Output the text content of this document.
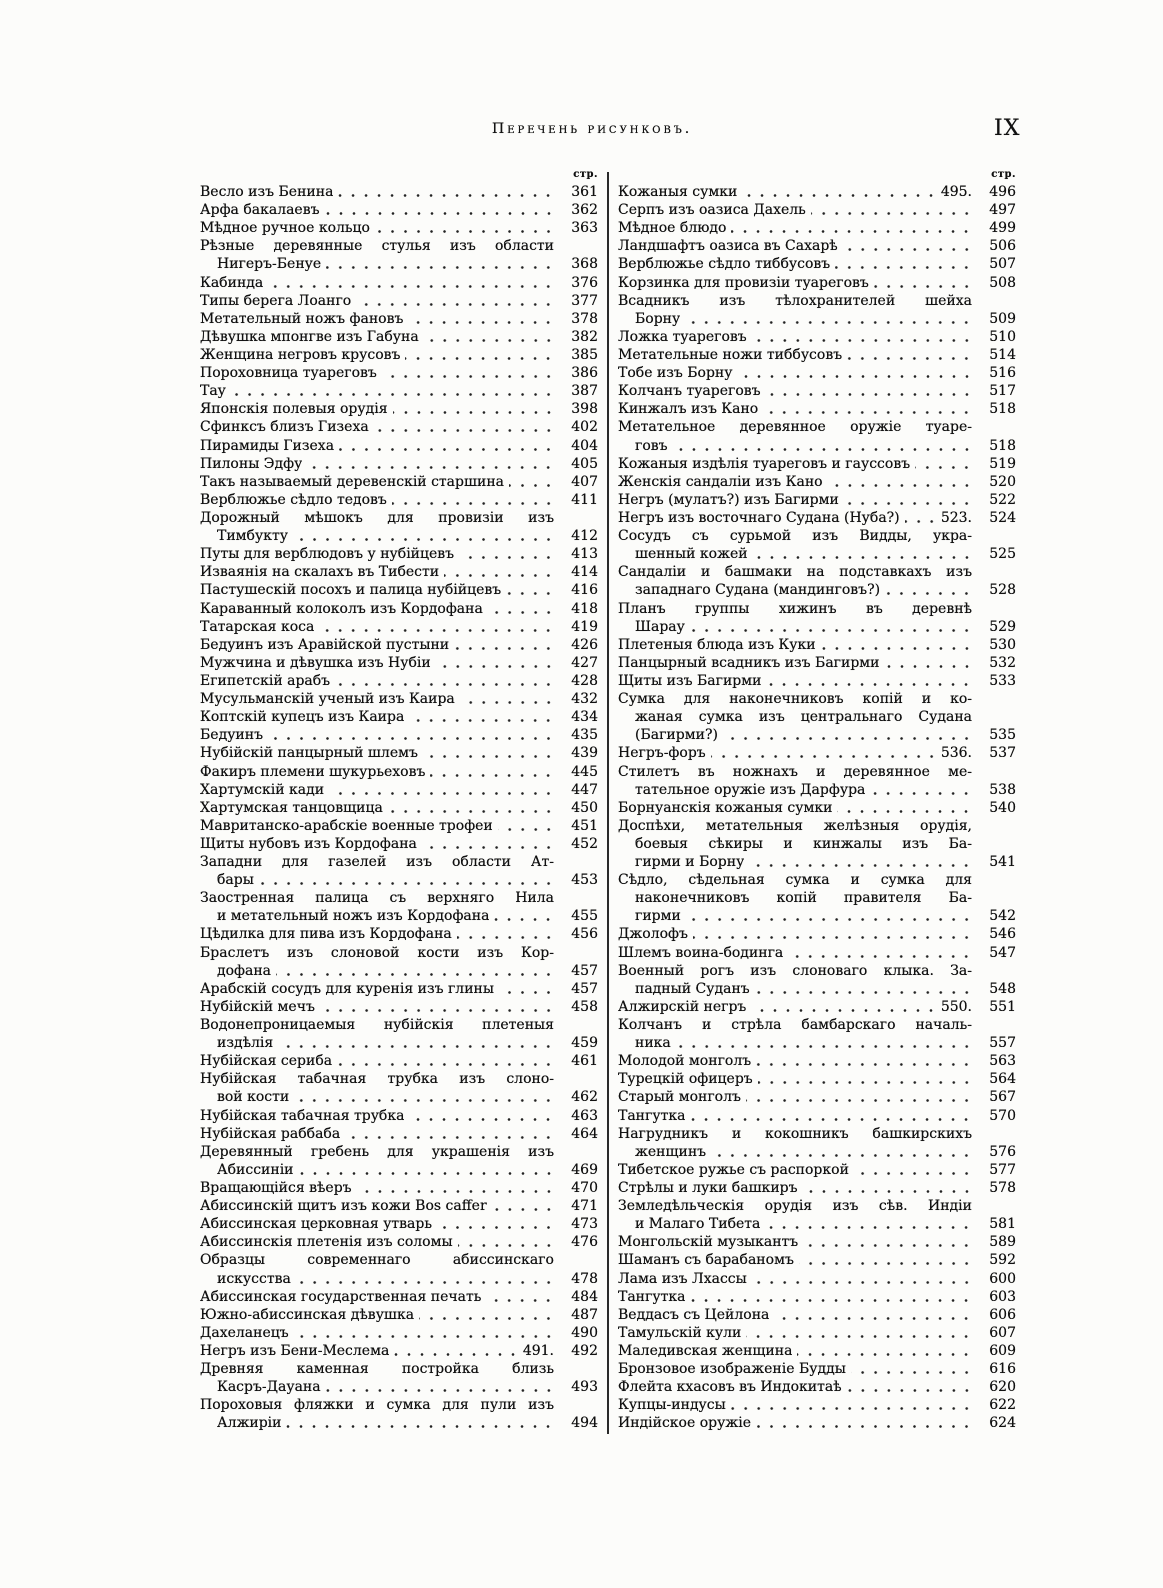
Перечень рисунковъ.	IX
стр.
Весло изъ Бенина	361
Арфа бакалаевъ	362
Мѣдное ручное кольцо	363
Рѣзные деревянные стулья изъ области
Нигеръ-Бенуе	368
Кабинда	376
Типы берега Лоанго	377
Метательный ножъ фановъ	378
Дѣвушка мпонгве изъ Габуна	382
Женщина негровъ крусовъ	385
Пороховница туареговъ	386
Тау	387
Японскія полевыя орудія	398
Сфинксъ близъ Гизеха	402
Пирамиды Гизеха	404
Пилоны Эдфу	405
Такъ называемый деревенскій старшина	407
Верблюжье сѣдло тедовъ	411
Дорожный мѣшокъ для провизіи изъ
Тимбукту	412
Путы для верблюдовъ у нубійцевъ	413
Изваянія на скалахъ въ Тибести	414
Пастушескій посохъ и палица нубійцевъ	416
Караванный колоколъ изъ Кордофана	418
Татарская коса	419
Бедуинъ изъ Аравійской пустыни	426
Мужчина и дѣвушка изъ Нубіи	427
Египетскій арабъ	428
Мусульманскій ученый изъ Каира	432
Коптскій купецъ изъ Каира	434
Бедуинъ	435
Нубійскій панцырный шлемъ	439
Факиръ племени шукурьеховъ	445
Хартумскій кади	447
Хартумская танцовщица	450
Мавританско-арабскіе военные трофеи	451
Щиты нубовъ изъ Кордофана	452
Западни для газелей изъ области Ат-
бары	453
Заостренная палица съ верхняго Нила
и метательный ножъ изъ Кордофана	455
Цѣдилка для пива изъ Кордофана	456
Браслетъ изъ слоновой кости изъ Кор-
дофана	457
Арабскій сосудъ для куренія изъ глины	457
Нубійскій мечъ	458
Водонепроницаемыя нубійскія плетеныя
издѣлія	459
Нубійская сериба	461
Нубійская табачная трубка изъ слоно-
вой кости	462
Нубійская табачная трубка	463
Нубійская раббаба	464
Деревянный гребень для украшенія изъ
Абиссиніи	469
Вращающійся вѣеръ	470
Абиссинскій щитъ изъ кожи Bos caffer	471
Абиссинская церковная утварь	473
Абиссинскія плетенія изъ соломы	476
Образцы современнаго абиссинскаго
искусства	478
Абиссинская государственная печать	484
Южно-абиссинская дѣвушка	487
Дахеланецъ	490
Негръ изъ Бени-Меслема	491.	492
Древняя каменная постройка близь
Касръ-Дауана	493
Пороховыя фляжки и сумка для пули изъ
Алжиріи	494
стр.
Кожаныя сумки	495.	496
Серпъ изъ оазиса Дахель	497
Мѣдное блюдо	499
Ландшафтъ оазиса въ Сахарѣ	506
Верблюжье сѣдло тиббусовъ	507
Корзинка для провизіи туареговъ	508
Всадникъ изъ тѣлохранителей шейха
Борну	509
Ложка туареговъ	510
Метательные ножи тиббусовъ	514
Тобе изъ Борну	516
Колчанъ туареговъ	517
Кинжалъ изъ Кано	518
Метательное деревянное оружіе туаре-
говъ	518
Кожаныя издѣлія туареговъ и гауссовъ	519
Женскія сандаліи изъ Кано	520
Негръ (мулатъ?) изъ Багирми	522
Негръ изъ восточнаго Судана (Нуба?)	523.	524
Сосудъ съ сурьмой изъ Видды, укра-
шенный кожей	525
Сандаліи и башмаки на подставкахъ изъ
западнаго Судана (мандинговъ?)	528
Планъ группы хижинъ въ деревнѣ
Шарау	529
Плетеныя блюда изъ Куки	530
Панцырный всадникъ изъ Багирми	532
Щиты изъ Багирми	533
Сумка для наконечниковъ копій и ко-
жаная сумка изъ центральнаго Судана
(Багирми?)	535
Негръ-форъ	536.	537
Стилетъ въ ножнахъ и деревянное ме-
тательное оружіе изъ Дарфура	538
Борнуанскія кожаныя сумки	540
Доспѣхи, метательныя желѣзныя орудія,
боевыя сѣкиры и кинжалы изъ Ба-
гирми и Борну	541
Сѣдло, сѣдельная сумка и сумка для
наконечниковъ копій правителя Ба-
гирми	542
Джолофъ	546
Шлемъ воина-бодинга	547
Военный рогъ изъ слоноваго клыка. За-
падный Суданъ	548
Алжирскій негръ	550.	551
Колчанъ и стрѣла бамбарскаго началь-
ника	557
Молодой монголъ	563
Турецкій офицеръ	564
Старый монголъ	567
Тангутка	570
Нагрудникъ и кокошникъ башкирскихъ
женщинъ	576
Тибетское ружье съ распоркой	577
Стрѣлы и луки башкиръ	578
Земледѣльческія орудія изъ сѣв. Индіи
и Малаго Тибета	581
Монгольскій музыкантъ	589
Шаманъ съ барабаномъ	592
Лама изъ Лхассы	600
Тангутка	603
Веддасъ съ Цейлона	606
Тамульскій кули	607
Маледивская женщина	609
Бронзовое изображеніе Будды	616
Флейта кхасовъ въ Индокитаѣ	620
Купцы-индусы	622
Индійское оружіе	624
